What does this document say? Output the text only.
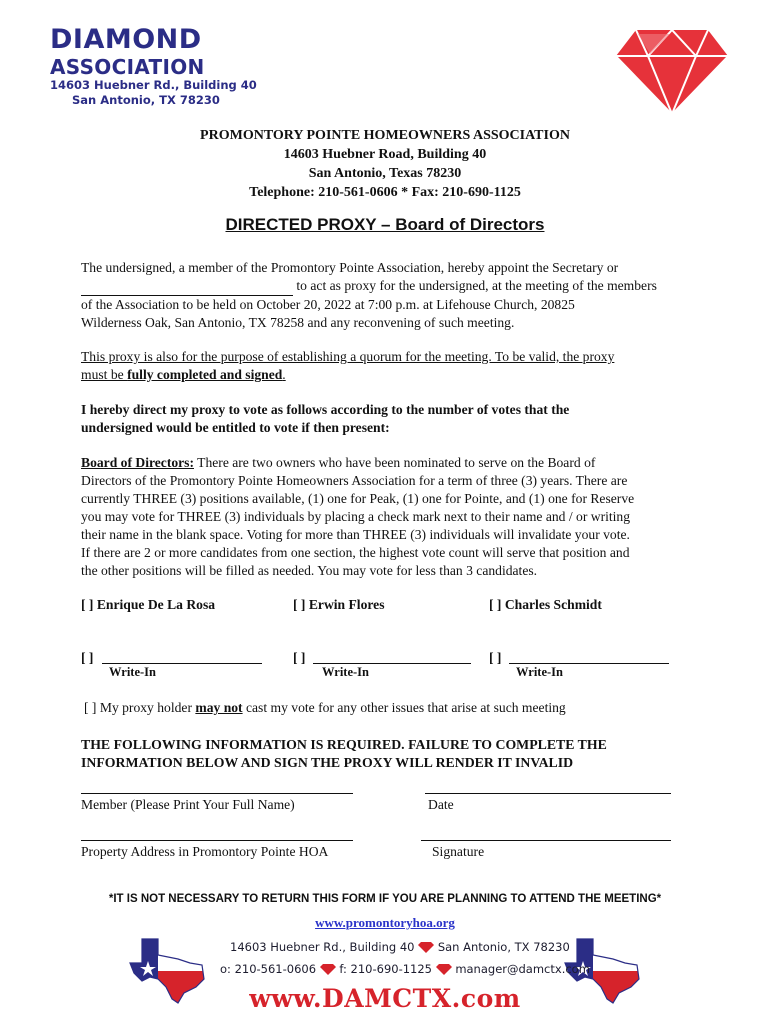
DIAMOND
ASSOCIATION
14603 Huebner Rd., Building 40
San Antonio, TX 78230
PROMONTORY POINTE HOMEOWNERS ASSOCIATION
14603 Huebner Road, Building 40
San Antonio, Texas 78230
Telephone: 210-561-0606 * Fax: 210-690-1125
DIRECTED PROXY – Board of Directors
The undersigned, a member of the Promontory Pointe Association, hereby appoint the Secretary or
to act as proxy for the undersigned, at the meeting of the members
of the Association to be held on October 20, 2022 at 7:00 p.m. at Lifehouse Church, 20825
Wilderness Oak, San Antonio, TX 78258 and any reconvening of such meeting.
This proxy is also for the purpose of establishing a quorum for the meeting. To be valid, the proxy
must be fully completed and signed.
I hereby direct my proxy to vote as follows according to the number of votes that the
undersigned would be entitled to vote if then present:
Board of Directors: There are two owners who have been nominated to serve on the Board of
Directors of the Promontory Pointe Homeowners Association for a term of three (3) years. There are
currently THREE (3) positions available, (1) one for Peak, (1) one for Pointe, and (1) one for Reserve
you may vote for THREE (3) individuals by placing a check mark next to their name and / or writing
their name in the blank space. Voting for more than THREE (3) individuals will invalidate your vote.
If there are 2 or more candidates from one section, the highest vote count will serve that position and
the other positions will be filled as needed. You may vote for less than 3 candidates.
[ ] Enrique De La Rosa	[ ] Erwin Flores	[ ] Charles Schmidt
[ ]
Write-In
[ ]
Write-In
[ ]
Write-In
[ ] My proxy holder may not cast my vote for any other issues that arise at such meeting
THE FOLLOWING INFORMATION IS REQUIRED. FAILURE TO COMPLETE THE
INFORMATION BELOW AND SIGN THE PROXY WILL RENDER IT INVALID
Member (Please Print Your Full Name)	Date
Property Address in Promontory Pointe HOA	Signature
*IT IS NOT NECESSARY TO RETURN THIS FORM IF YOU ARE PLANNING TO ATTEND THE MEETING*
www.promontoryhoa.org
14603 Huebner Rd., Building 40 San Antonio, TX 78230
o: 210-561-0606 f: 210-690-1125 manager@damctx.com
www.DAMCTX.com
